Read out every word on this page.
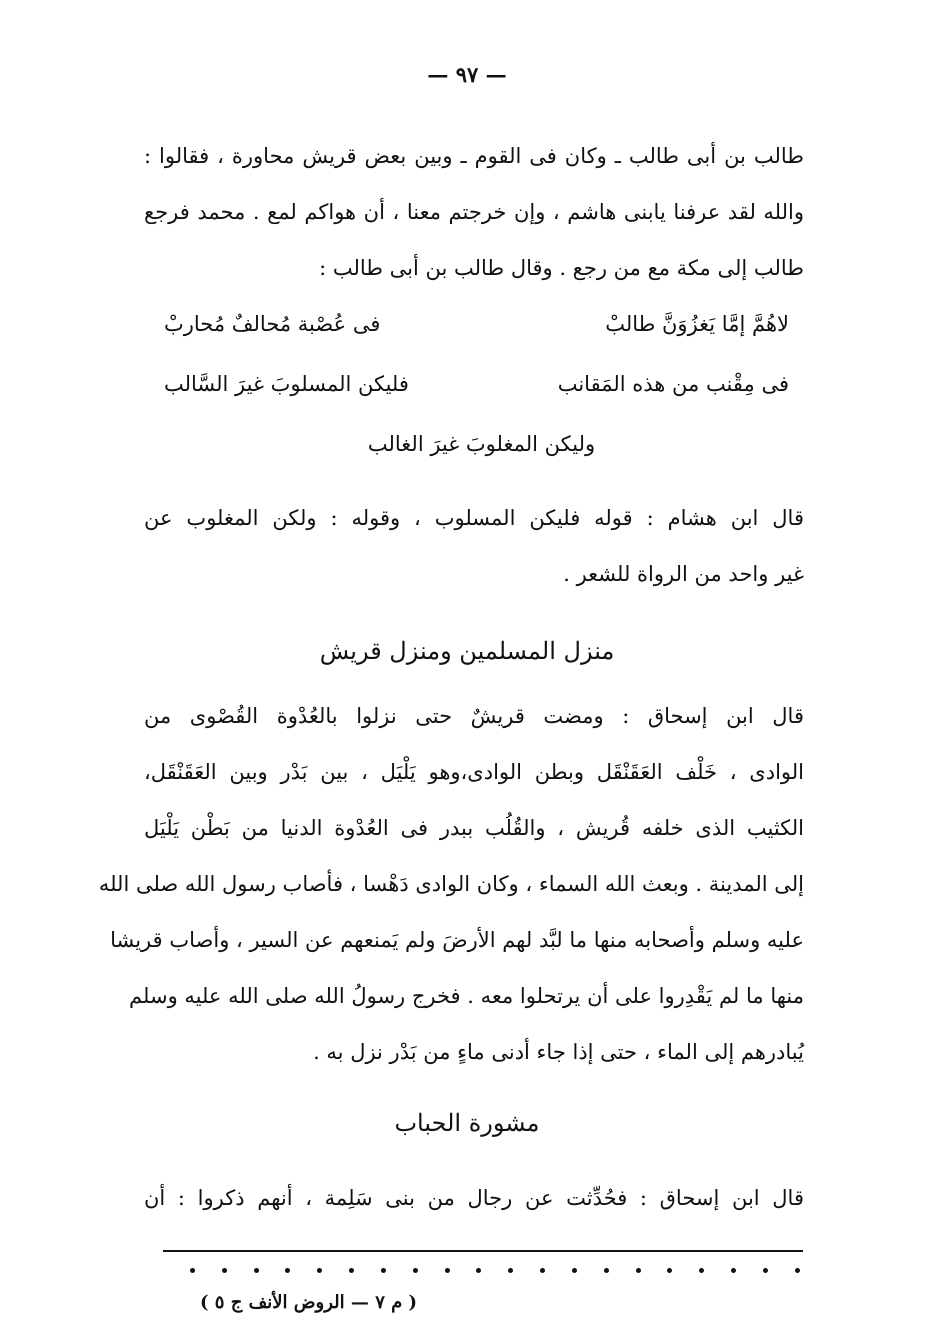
— ٩٧ —
طالب بن أبى طالب ـ وكان فى القوم ـ وبين بعض قريش محاورة ، فقالوا :
والله لقد عرفنا يابنى هاشم ، وإن خرجتم معنا ، أن هواكم لمع . محمد فرجع
طالب إلى مكة مع من رجع . وقال طالب بن أبى طالب :
لاهُمَّ إمَّا يَغزُوَنَّ طالبْ
فى عُصْبة مُحالفٌ مُحاربْ
فى مِقْنب من هذه المَقانب
فليكن المسلوبَ غيرَ السَّالب
وليكن المغلوبَ غيرَ الغالب
قال ابن هشام : قوله فليكن المسلوب ، وقوله : ولكن المغلوب عن
غير واحد من الرواة للشعر .
منزل المسلمين ومنزل قريش
قال ابن إسحاق : ومضت قريشٌ حتى نزلوا بالعُدْوة القُصْوى من
الوادى ، خَلْف العَقَنْقَل وبطن الوادى،وهو يَلْيَل ، بين بَدْر وبين العَقَنْقَل،
الكثيب الذى خلفه قُريش ، والقُلُب ببدر فى العُدْوة الدنيا من بَطْن يَلْيَل
إلى المدينة . وبعث الله السماء ، وكان الوادى دَهْسا ، فأصاب رسول الله صلى الله
عليه وسلم وأصحابه منها ما لبَّد لهم الأرضَ ولم يَمنعهم عن السير ، وأصاب قريشا
منها ما لم يَقْدِروا على أن يرتحلوا معه . فخرج رسولُ الله صلى الله عليه وسلم
يُبادرهم إلى الماء ، حتى إذا جاء أدنى ماءٍ من بَدْر نزل به .
مشورة الحباب
قال ابن إسحاق : فحُدِّثت عن رجال من بنى سَلِمة ، أنهم ذكروا : أن
( م ٧ — الروض الأنف ج ٥ )
